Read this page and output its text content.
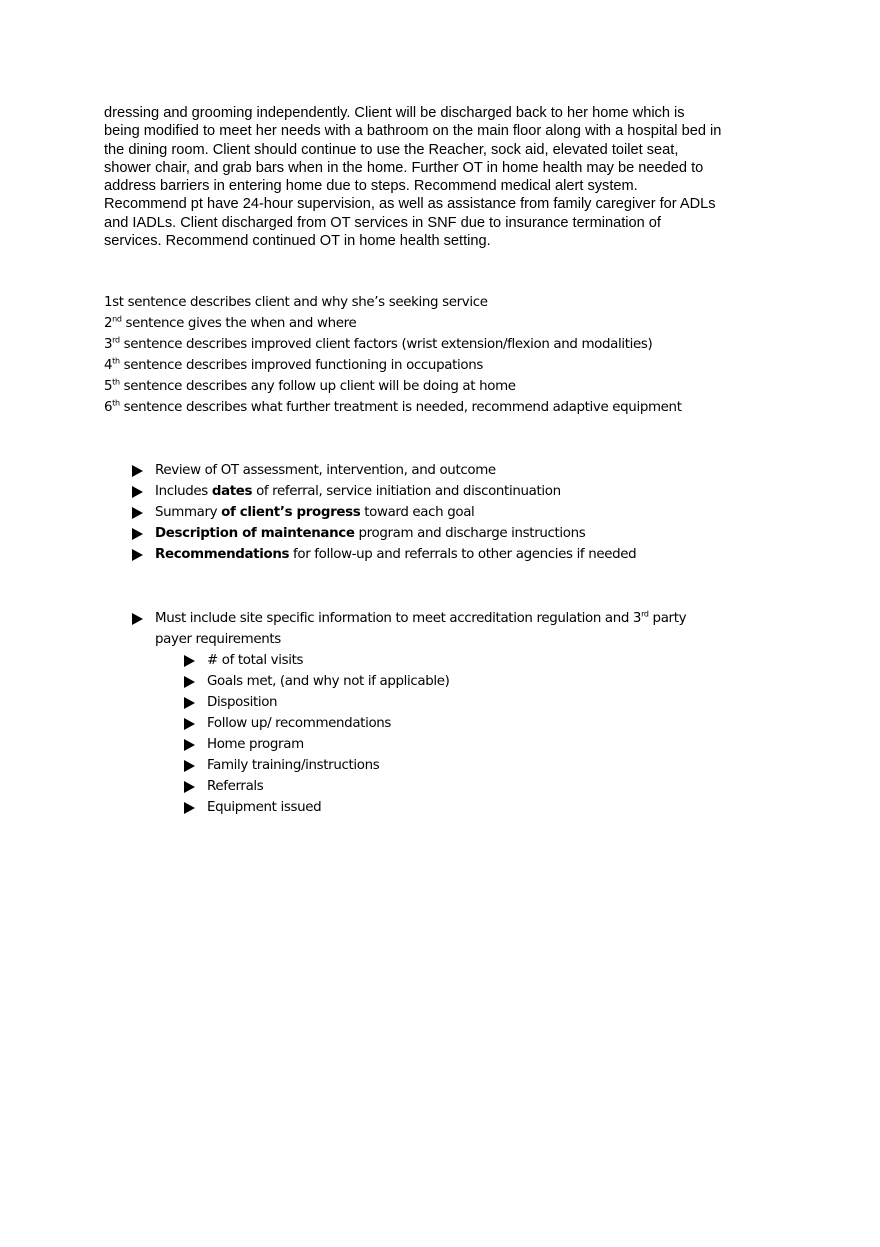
dressing and grooming independently. Client will be discharged back to her home which is
being modified to meet her needs with a bathroom on the main floor along with a hospital bed in
the dining room. Client should continue to use the Reacher, sock aid, elevated toilet seat,
shower chair, and grab bars when in the home. Further OT in home health may be needed to
address barriers in entering home due to steps. Recommend medical alert system.
Recommend pt have 24-hour supervision, as well as assistance from family caregiver for ADLs
and IADLs. Client discharged from OT services in SNF due to insurance termination of
services. Recommend continued OT in home health setting.
1st sentence describes client and why she’s seeking service
2nd sentence gives the when and where
3rd sentence describes improved client factors (wrist extension/flexion and modalities)
4th sentence describes improved functioning in occupations
5th sentence describes any follow up client will be doing at home
6th sentence describes what further treatment is needed, recommend adaptive equipment
Review of OT assessment, intervention, and outcome
Includes dates of referral, service initiation and discontinuation
Summary of client’s progress toward each goal
Description of maintenance program and discharge instructions
Recommendations for follow-up and referrals to other agencies if needed
Must include site specific information to meet accreditation regulation and 3rd party
payer requirements
# of total visits
Goals met, (and why not if applicable)
Disposition
Follow up/ recommendations
Home program
Family training/instructions
Referrals
Equipment issued
